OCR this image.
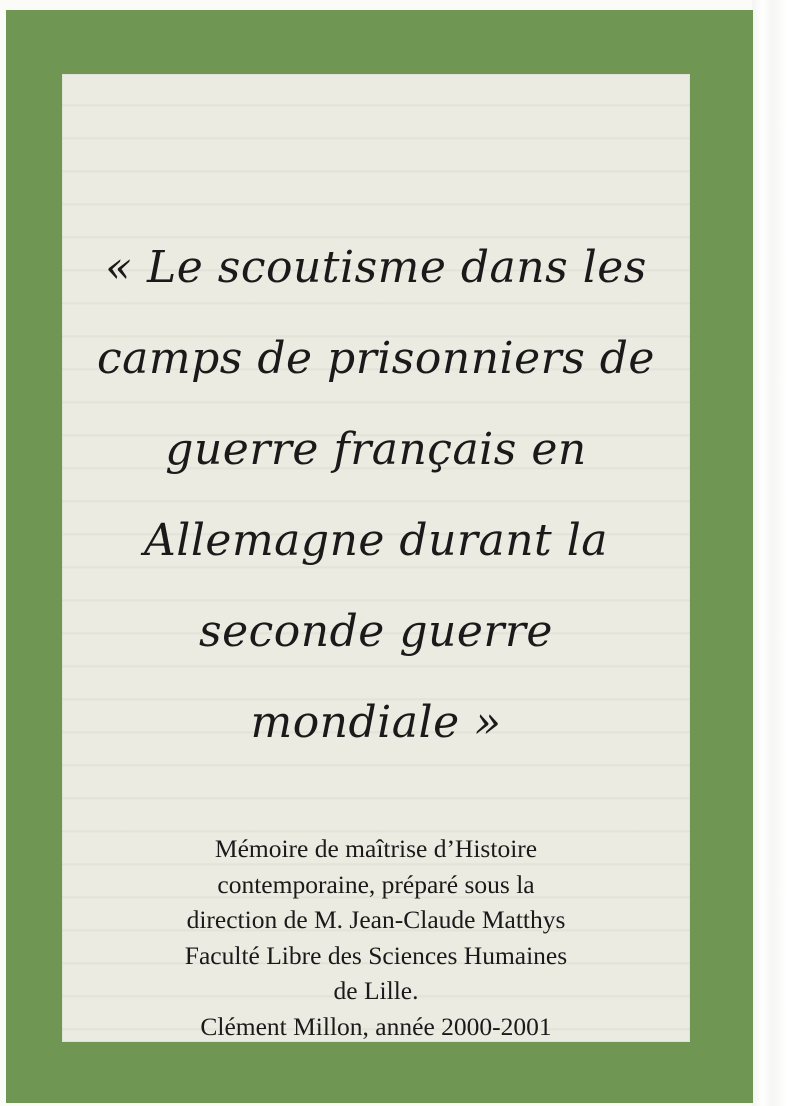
« Le scoutisme dans les
camps de prisonniers de
guerre français en
Allemagne durant la
seconde guerre
mondiale »
Mémoire de maîtrise d’Histoire
contemporaine, préparé sous la
direction de M. Jean-Claude Matthys
Faculté Libre des Sciences Humaines
de Lille.
Clément Millon, année 2000-2001
